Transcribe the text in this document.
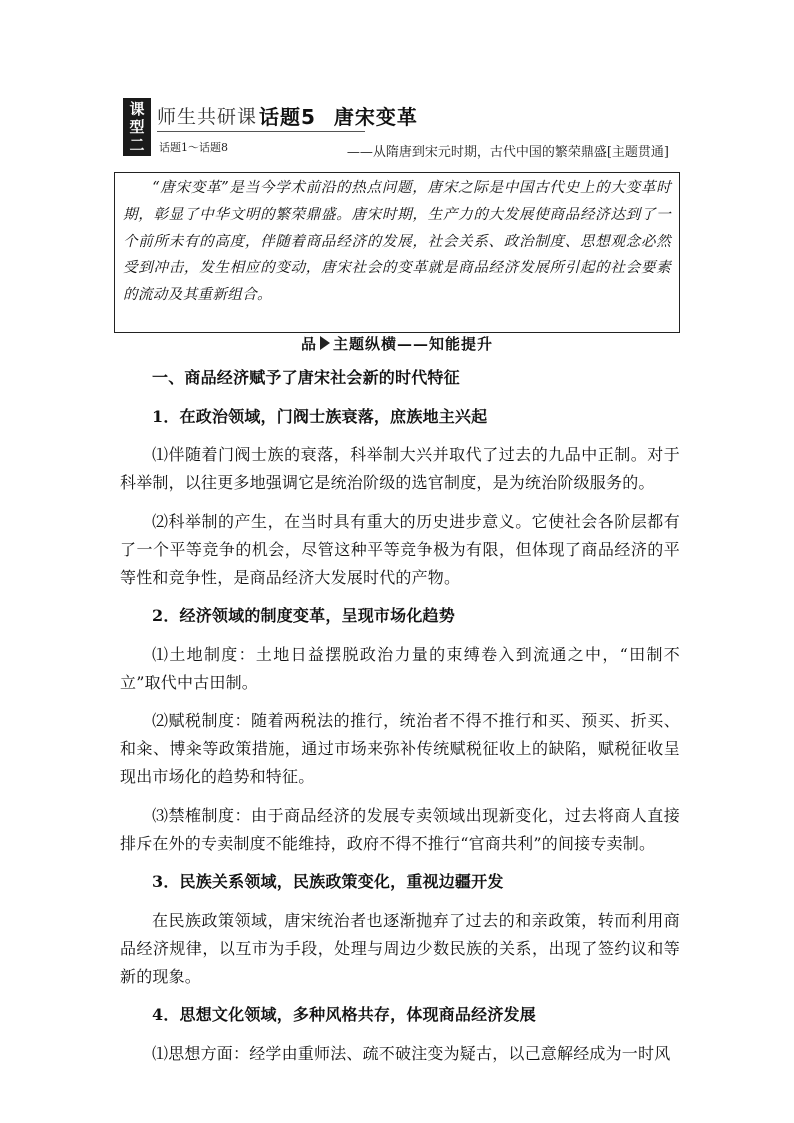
课
型
二
师生共研课
话题1～话题8
话题5 唐宋变革
——从隋唐到宋元时期，古代中国的繁荣鼎盛[主题贯通]

“唐宋变革”是当今学术前沿的热点问题，唐宋之际是中国古代史上的大变革时期，彰显了中华文明的繁荣鼎盛。唐宋时期，生产力的大发展使商品经济达到了一个前所未有的高度，伴随着商品经济的发展，社会关系、政治制度、思想观念必然受到冲击，发生相应的变动，唐宋社会的变革就是商品经济发展所引起的社会要素的流动及其重新组合。

品 主题纵横——知能提升

一、商品经济赋予了唐宋社会新的时代特征

1．在政治领域，门阀士族衰落，庶族地主兴起

⑴伴随着门阀士族的衰落，科举制大兴并取代了过去的九品中正制。对于科举制，以往更多地强调它是统治阶级的选官制度，是为统治阶级服务的。

⑵科举制的产生，在当时具有重大的历史进步意义。它使社会各阶层都有了一个平等竞争的机会，尽管这种平等竞争极为有限，但体现了商品经济的平等性和竞争性，是商品经济大发展时代的产物。

2．经济领域的制度变革，呈现市场化趋势

⑴土地制度：土地日益摆脱政治力量的束缚卷入到流通之中，“田制不立”取代中古田制。

⑵赋税制度：随着两税法的推行，统治者不得不推行和买、预买、折买、和籴、博籴等政策措施，通过市场来弥补传统赋税征收上的缺陷，赋税征收呈现出市场化的趋势和特征。

⑶禁榷制度：由于商品经济的发展专卖领域出现新变化，过去将商人直接排斥在外的专卖制度不能维持，政府不得不推行“官商共利”的间接专卖制。

3．民族关系领域，民族政策变化，重视边疆开发

在民族政策领域，唐宋统治者也逐渐抛弃了过去的和亲政策，转而利用商品经济规律，以互市为手段，处理与周边少数民族的关系，出现了签约议和等新的现象。

4．思想文化领域，多种风格共存，体现商品经济发展

⑴思想方面：经学由重师法、疏不破注变为疑古，以己意解经成为一时风
